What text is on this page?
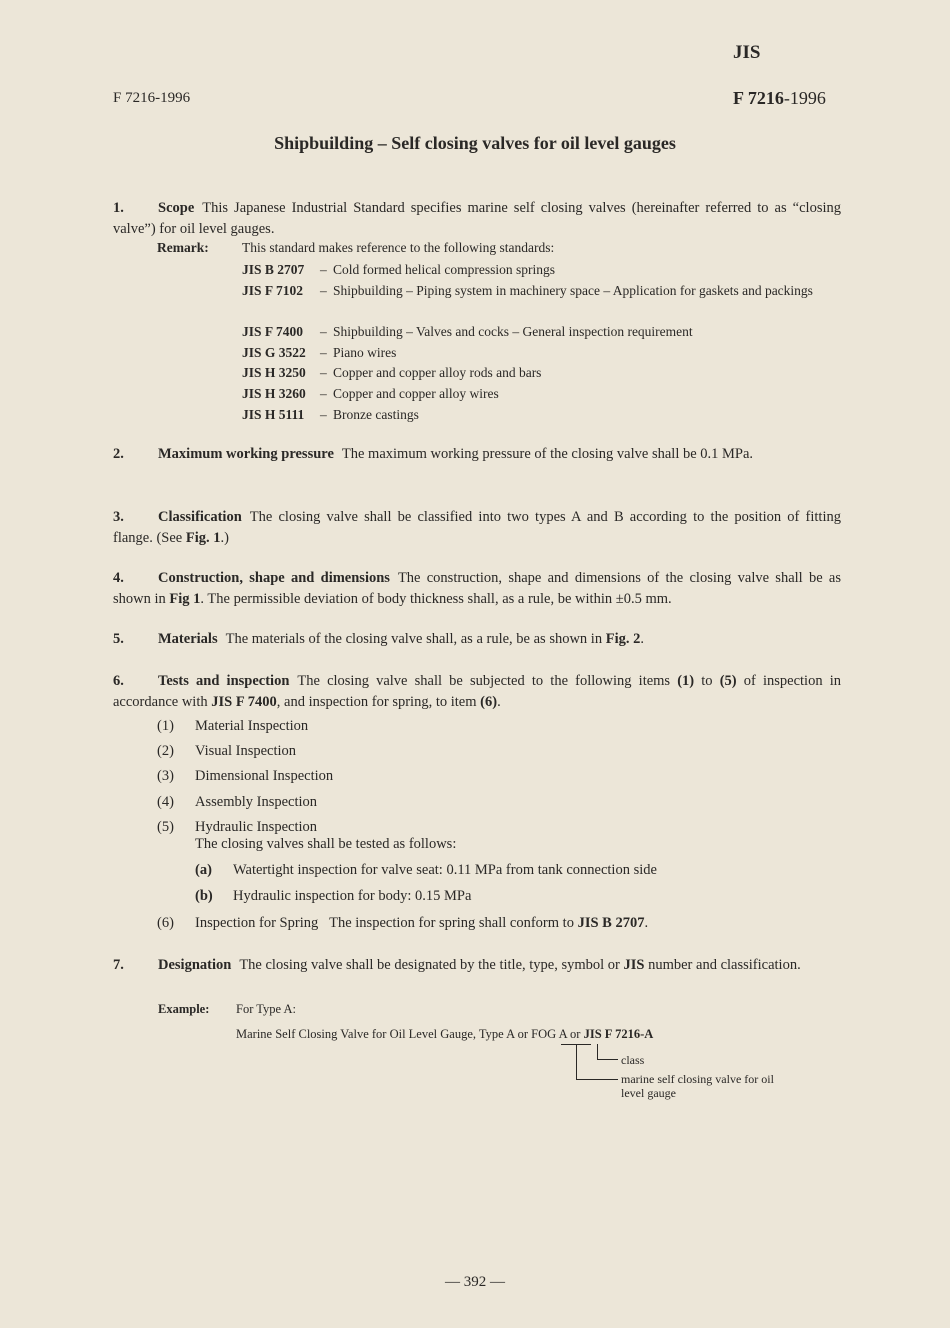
JIS
F 7216-1996	F 7216-1996
Shipbuilding – Self closing valves for oil level gauges
1. Scope This Japanese Industrial Standard specifies marine self closing valves (hereinafter referred to as “closing valve”) for oil level gauges.
Remark: This standard makes reference to the following standards:
JIS B 2707 – Cold formed helical compression springs
JIS F 7102 – Shipbuilding – Piping system in machinery space – Application for gaskets and packings
JIS F 7400 – Shipbuilding – Valves and cocks – General inspection requirement
JIS G 3522 – Piano wires
JIS H 3250 – Copper and copper alloy rods and bars
JIS H 3260 – Copper and copper alloy wires
JIS H 5111 – Bronze castings
2. Maximum working pressure The maximum working pressure of the closing valve shall be 0.1 MPa.
3. Classification The closing valve shall be classified into two types A and B according to the position of fitting flange. (See Fig. 1.)
4. Construction, shape and dimensions The construction, shape and dimensions of the closing valve shall be as shown in Fig 1. The permissible deviation of body thickness shall, as a rule, be within ±0.5 mm.
5. Materials The materials of the closing valve shall, as a rule, be as shown in Fig. 2.
6. Tests and inspection The closing valve shall be subjected to the following items (1) to (5) of inspection in accordance with JIS F 7400, and inspection for spring, to item (6).
(1) Material Inspection
(2) Visual Inspection
(3) Dimensional Inspection
(4) Assembly Inspection
(5) Hydraulic Inspection
The closing valves shall be tested as follows:
(a) Watertight inspection for valve seat: 0.11 MPa from tank connection side
(b) Hydraulic inspection for body: 0.15 MPa
(6) Inspection for Spring The inspection for spring shall conform to JIS B 2707.
7. Designation The closing valve shall be designated by the title, type, symbol or JIS number and classification.
Example: For Type A:
Marine Self Closing Valve for Oil Level Gauge, Type A or FOG A or JIS F 7216-A
class
marine self closing valve for oil level gauge
— 392 —
